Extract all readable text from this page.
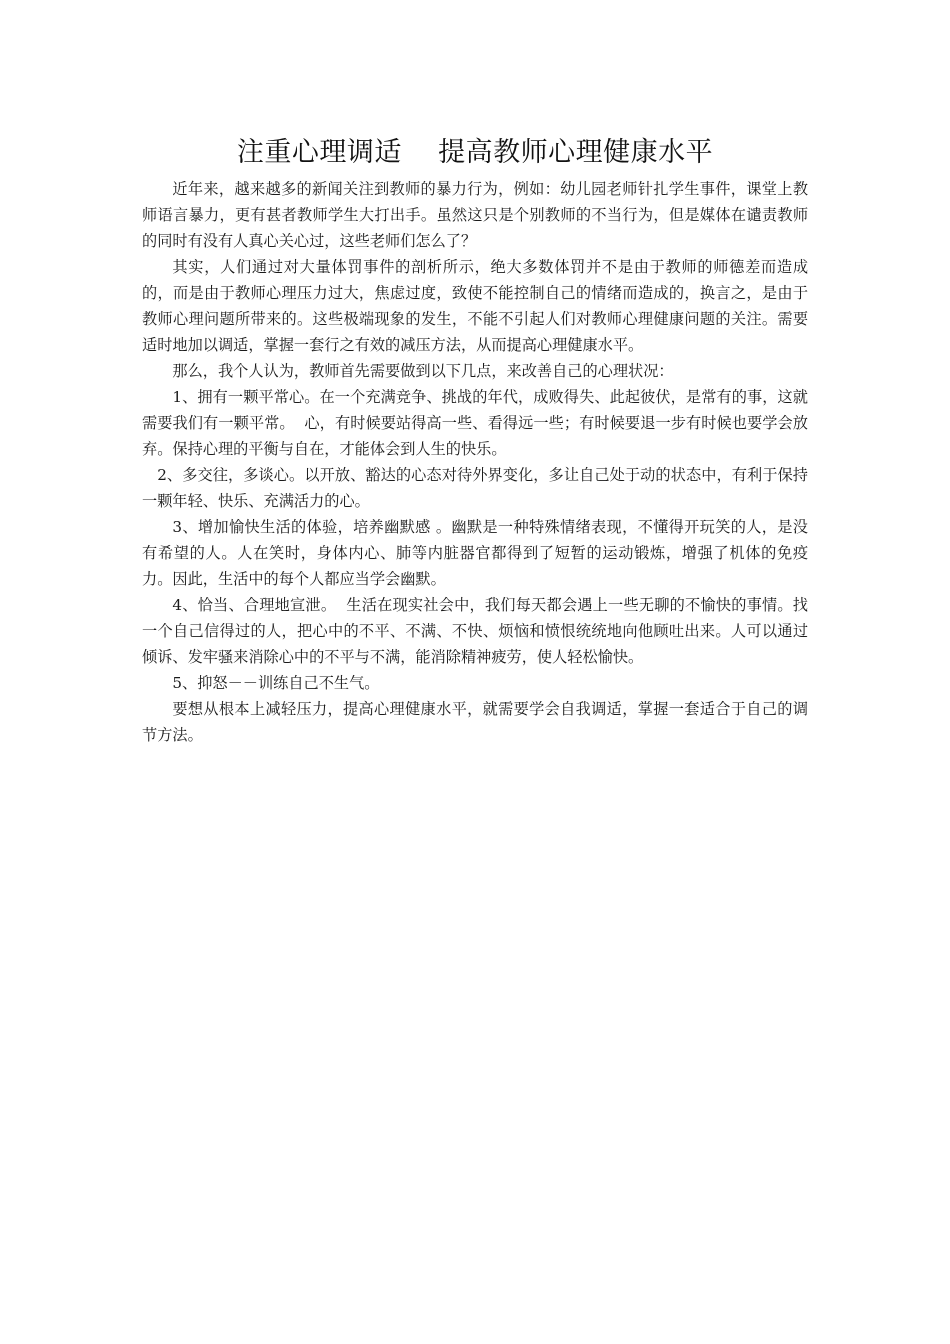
注重心理调适    提高教师心理健康水平

近年来，越来越多的新闻关注到教师的暴力行为，例如：幼儿园老师针扎学生事件，课堂上教师语言暴力，更有甚者教师学生大打出手。虽然这只是个别教师的不当行为，但是媒体在谴责教师的同时有没有人真心关心过，这些老师们怎么了？

其实，人们通过对大量体罚事件的剖析所示，绝大多数体罚并不是由于教师的师德差而造成的，而是由于教师心理压力过大，焦虑过度，致使不能控制自己的情绪而造成的，换言之，是由于教师心理问题所带来的。这些极端现象的发生，不能不引起人们对教师心理健康问题的关注。需要适时地加以调适，掌握一套行之有效的减压方法，从而提高心理健康水平。

那么，我个人认为，教师首先需要做到以下几点，来改善自己的心理状况：

1、拥有一颗平常心。在一个充满竞争、挑战的年代，成败得失、此起彼伏，是常有的事，这就需要我们有一颗平常。  心，有时候要站得高一些、看得远一些；有时候要退一步有时候也要学会放弃。保持心理的平衡与自在，才能体会到人生的快乐。

2、多交往，多谈心。以开放、豁达的心态对待外界变化，多让自己处于动的状态中，有利于保持一颗年轻、快乐、充满活力的心。

3、增加愉快生活的体验，培养幽默感 。幽默是一种特殊情绪表现，不懂得开玩笑的人，是没有希望的人。人在笑时，身体内心、肺等内脏器官都得到了短暂的运动锻炼，增强了机体的免疫力。因此，生活中的每个人都应当学会幽默。

4、恰当、合理地宣泄。  生活在现实社会中，我们每天都会遇上一些无聊的不愉快的事情。找一个自己信得过的人，把心中的不平、不满、不快、烦恼和愤恨统统地向他顾吐出来。人可以通过倾诉、发牢骚来消除心中的不平与不满，能消除精神疲劳，使人轻松愉快。

5、抑怒－－训练自己不生气。

要想从根本上减轻压力，提高心理健康水平，就需要学会自我调适，掌握一套适合于自己的调节方法。
